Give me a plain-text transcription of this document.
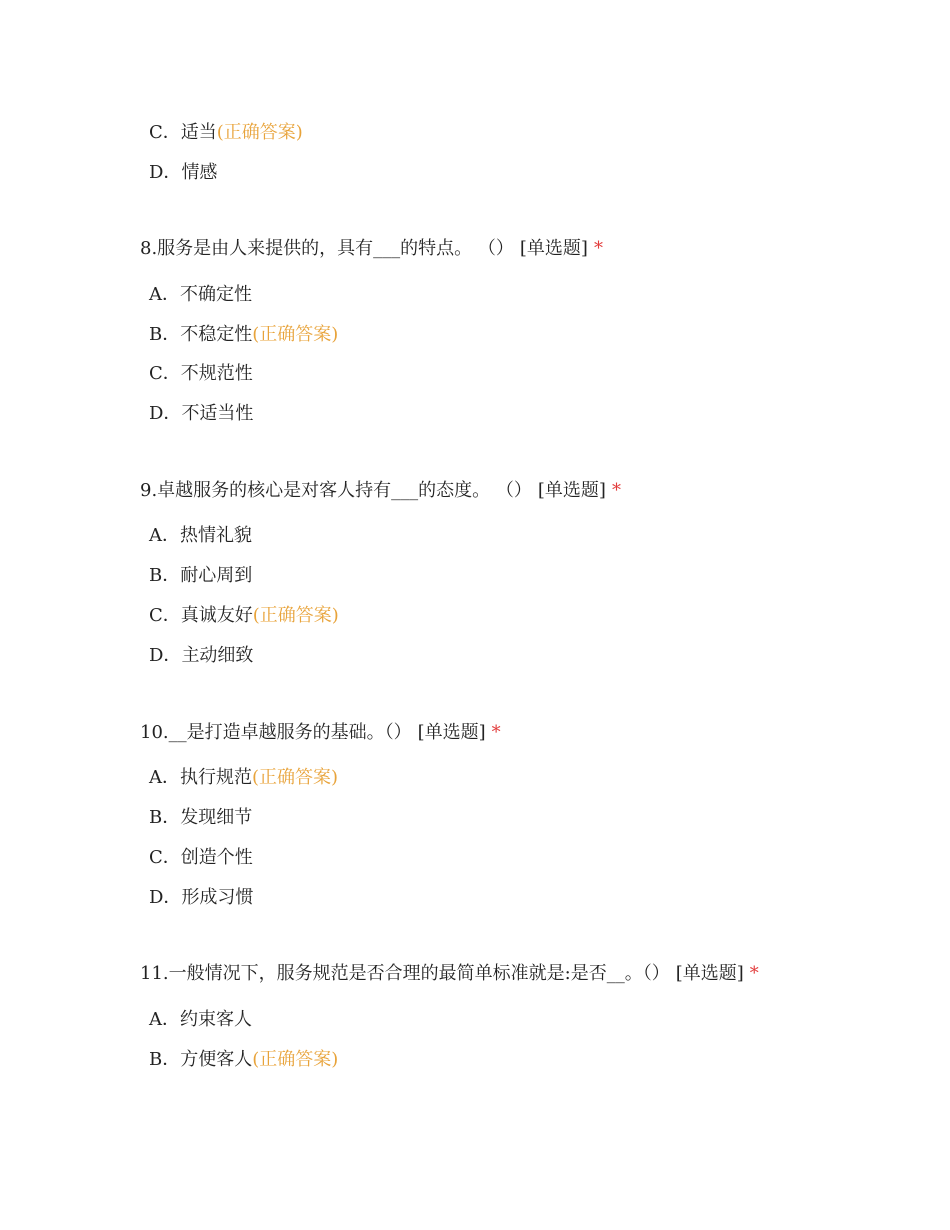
C．适当(正确答案)
D．情感
8.服务是由人来提供的，具有___的特点。 （） [单选题] *
A．不确定性
B．不稳定性(正确答案)
C．不规范性
D．不适当性
9.卓越服务的核心是对客人持有___的态度。 （） [单选题] *
A．热情礼貌
B．耐心周到
C．真诚友好(正确答案)
D．主动细致
10.__是打造卓越服务的基础。（） [单选题] *
A．执行规范(正确答案)
B．发现细节
C．创造个性
D．形成习惯
11.一般情况下，服务规范是否合理的最简单标准就是:是否__。（） [单选题] *
A．约束客人
B．方便客人(正确答案)
